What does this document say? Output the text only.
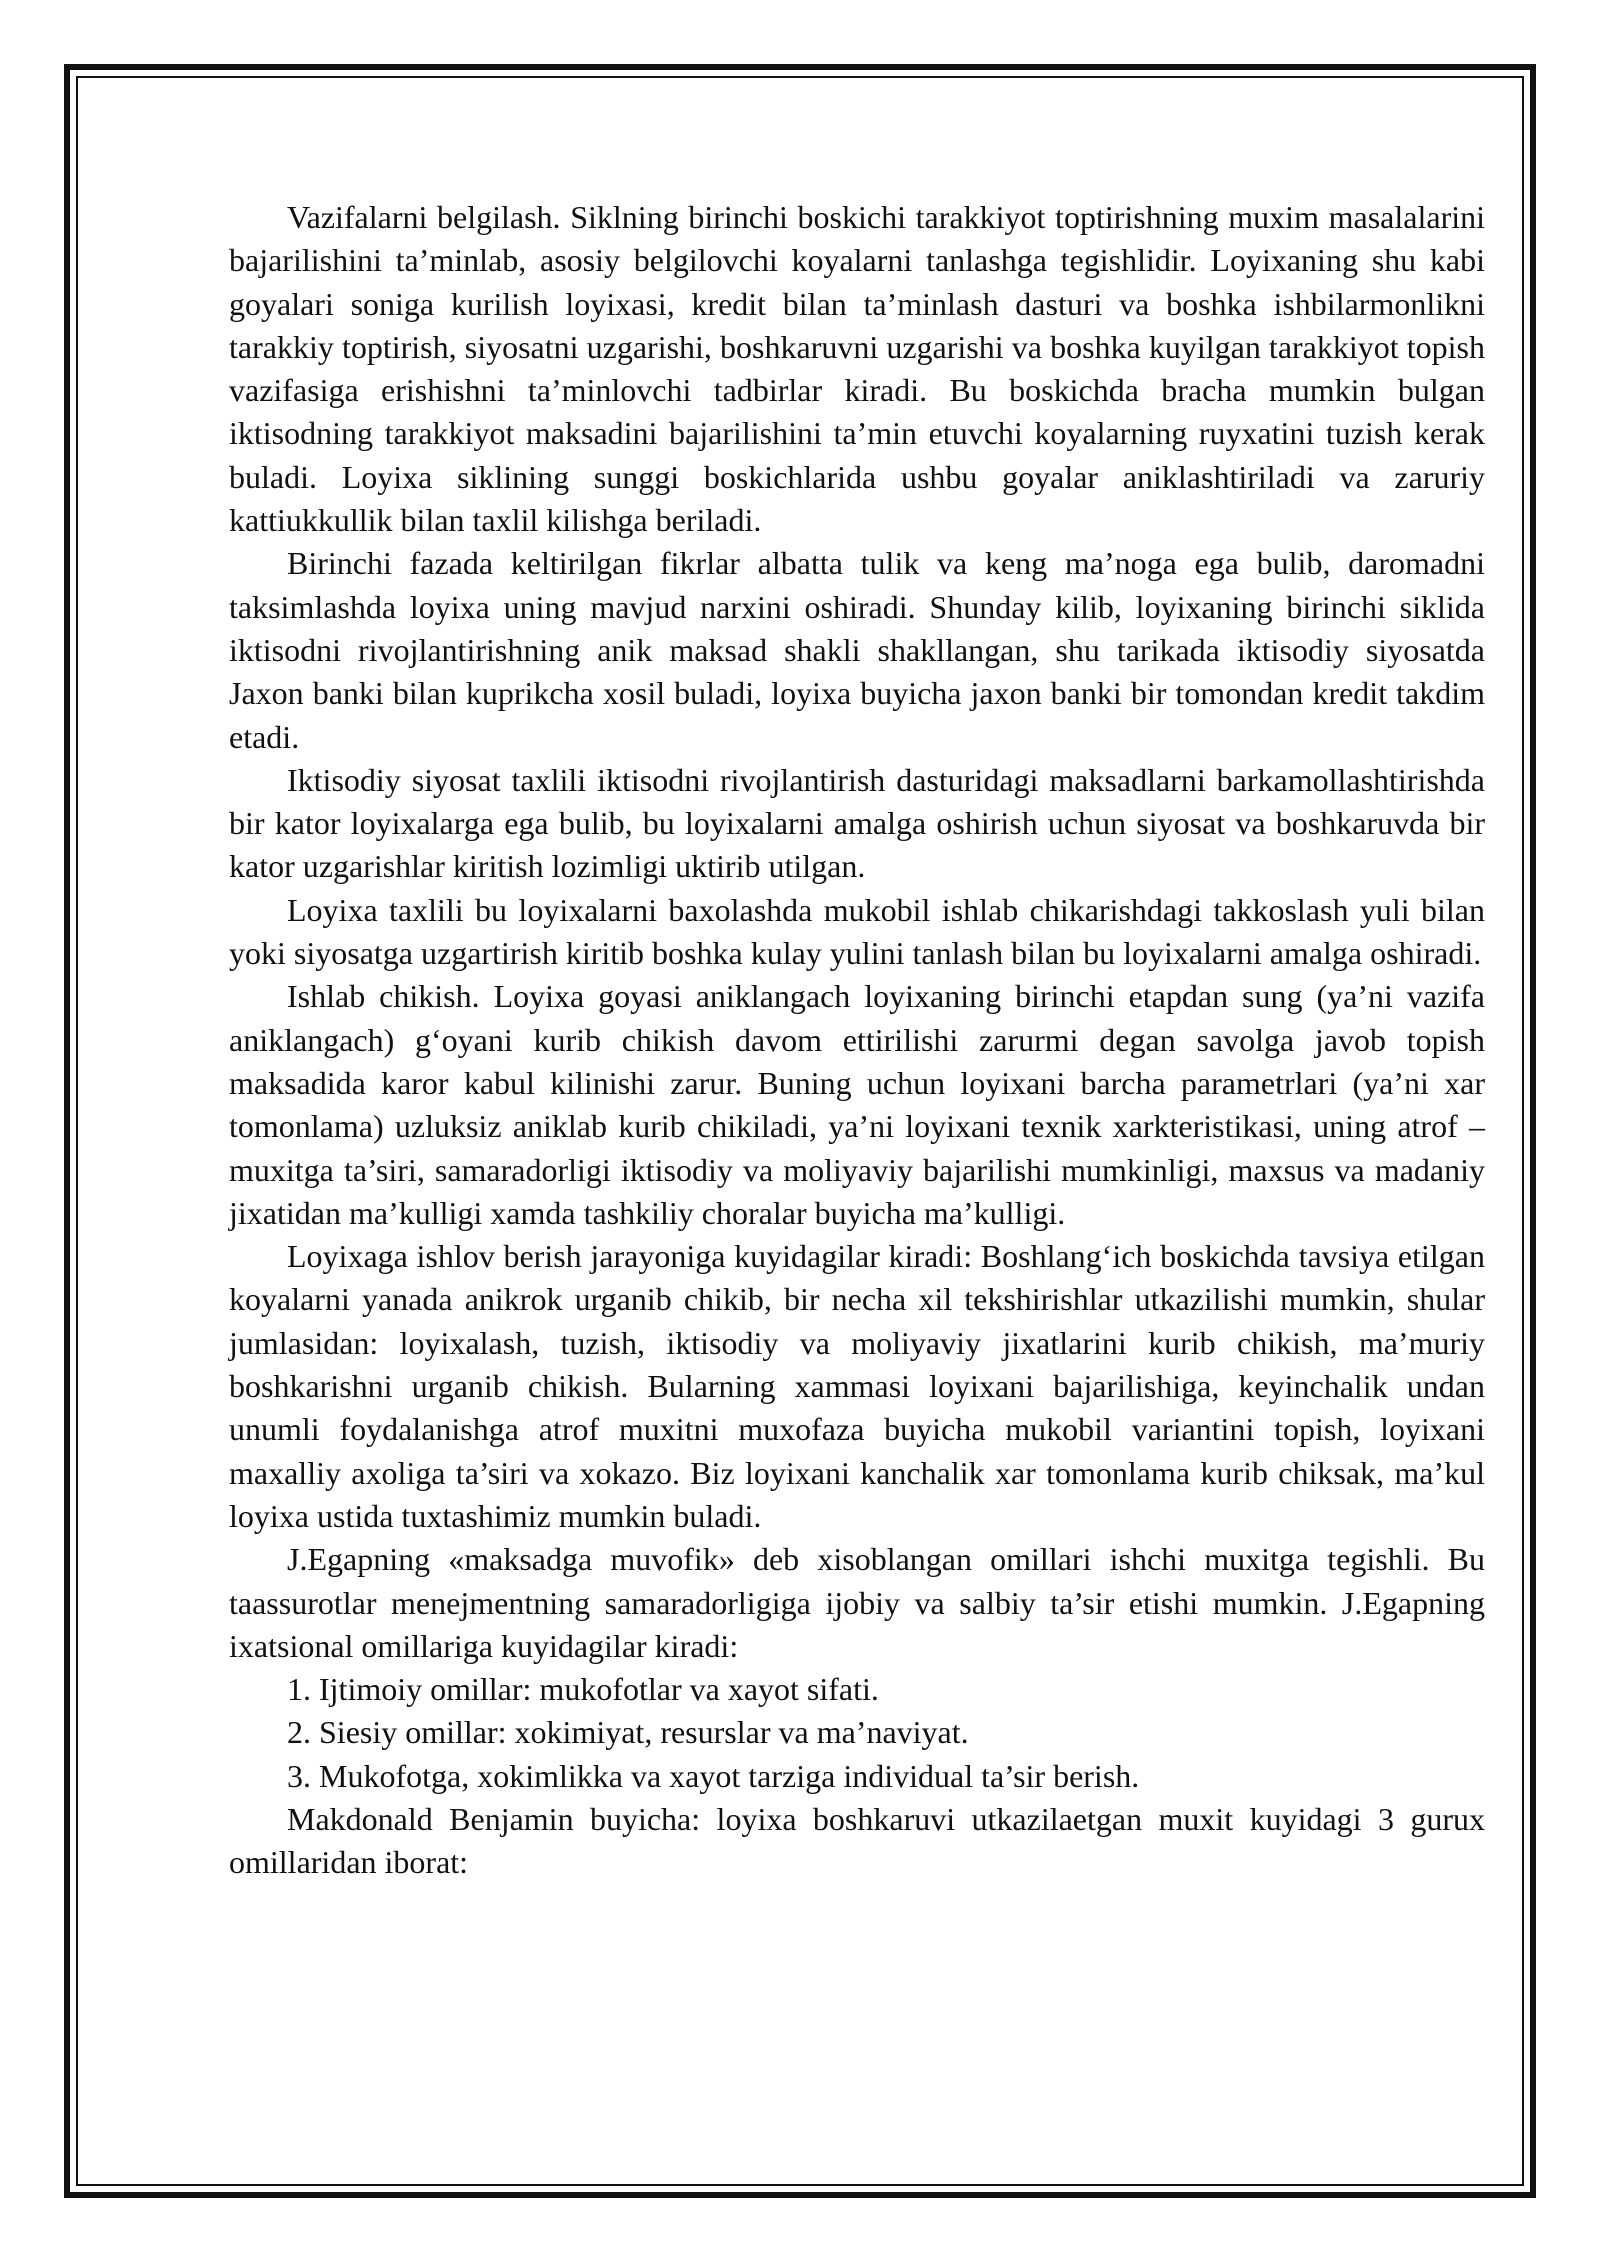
Vazifalarni belgilash. Siklning birinchi boskichi tarakkiyot toptirishning muxim masalalarini bajarilishini ta’minlab, asosiy belgilovchi koyalarni tanlashga tegishlidir. Loyixaning shu kabi goyalari soniga kurilish loyixasi, kredit bilan ta’minlash dasturi va boshka ishbilarmonlikni tarakkiy toptirish, siyosatni uzgarishi, boshkaruvni uzgarishi va boshka kuyilgan tarakkiyot topish vazifasiga erishishni ta’minlovchi tadbirlar kiradi. Bu boskichda bracha mumkin bulgan iktisodning tarakkiyot maksadini bajarilishini ta’min etuvchi koyalarning ruyxatini tuzish kerak buladi. Loyixa siklining sunggi boskichlarida ushbu goyalar aniklashtiriladi va zaruriy kattiukkullik bilan taxlil kilishga beriladi.

Birinchi fazada keltirilgan fikrlar albatta tulik va keng ma’noga ega bulib, daromadni taksimlashda loyixa uning mavjud narxini oshiradi. Shunday kilib, loyixaning birinchi siklida iktisodni rivojlantirishning anik maksad shakli shakllangan, shu tarikada iktisodiy siyosatda Jaxon banki bilan kuprikcha xosil buladi, loyixa buyicha jaxon banki bir tomondan kredit takdim etadi.

Iktisodiy siyosat taxlili iktisodni rivojlantirish dasturidagi maksadlarni barkamollashtirishda bir kator loyixalarga ega bulib, bu loyixalarni amalga oshirish uchun siyosat va boshkaruvda bir kator uzgarishlar kiritish lozimligi uktirib utilgan.

Loyixa taxlili bu loyixalarni baxolashda mukobil ishlab chikarishdagi takkoslash yuli bilan yoki siyosatga uzgartirish kiritib boshka kulay yulini tanlash bilan bu loyixalarni amalga oshiradi.

Ishlab chikish. Loyixa goyasi aniklangach loyixaning birinchi etapdan sung (ya’ni vazifa aniklangach) g‘oyani kurib chikish davom ettirilishi zarurmi degan savolga javob topish maksadida karor kabul kilinishi zarur. Buning uchun loyixani barcha parametrlari (ya’ni xar tomonlama) uzluksiz aniklab kurib chikiladi, ya’ni loyixani texnik xarkteristikasi, uning atrof – muxitga ta’siri, samaradorligi iktisodiy va moliyaviy bajarilishi mumkinligi, maxsus va madaniy jixatidan ma’kulligi xamda tashkiliy choralar buyicha ma’kulligi.

Loyixaga ishlov berish jarayoniga kuyidagilar kiradi: Boshlang‘ich boskichda tavsiya etilgan koyalarni yanada anikrok urganib chikib, bir necha xil tekshirishlar utkazilishi mumkin, shular jumlasidan: loyixalash, tuzish, iktisodiy va moliyaviy jixatlarini kurib chikish, ma’muriy boshkarishni urganib chikish. Bularning xammasi loyixani bajarilishiga, keyinchalik undan unumli foydalanishga atrof muxitni muxofaza buyicha mukobil variantini topish, loyixani maxalliy axoliga ta’siri va xokazo. Biz loyixani kanchalik xar tomonlama kurib chiksak, ma’kul loyixa ustida tuxtashimiz mumkin buladi.

J.Egapning «maksadga muvofik» deb xisoblangan omillari ishchi muxitga tegishli. Bu taassurotlar menejmentning samaradorligiga ijobiy va salbiy ta’sir etishi mumkin. J.Egapning ixatsional omillariga kuyidagilar kiradi:

1. Ijtimoiy omillar: mukofotlar va xayot sifati.

2. Siesiy omillar: xokimiyat, resurslar va ma’naviyat.

3. Mukofotga, xokimlikka va xayot tarziga individual ta’sir berish.

Makdonald Benjamin buyicha: loyixa boshkaruvi utkazilaetgan muxit kuyidagi 3 gurux omillaridan iborat:
